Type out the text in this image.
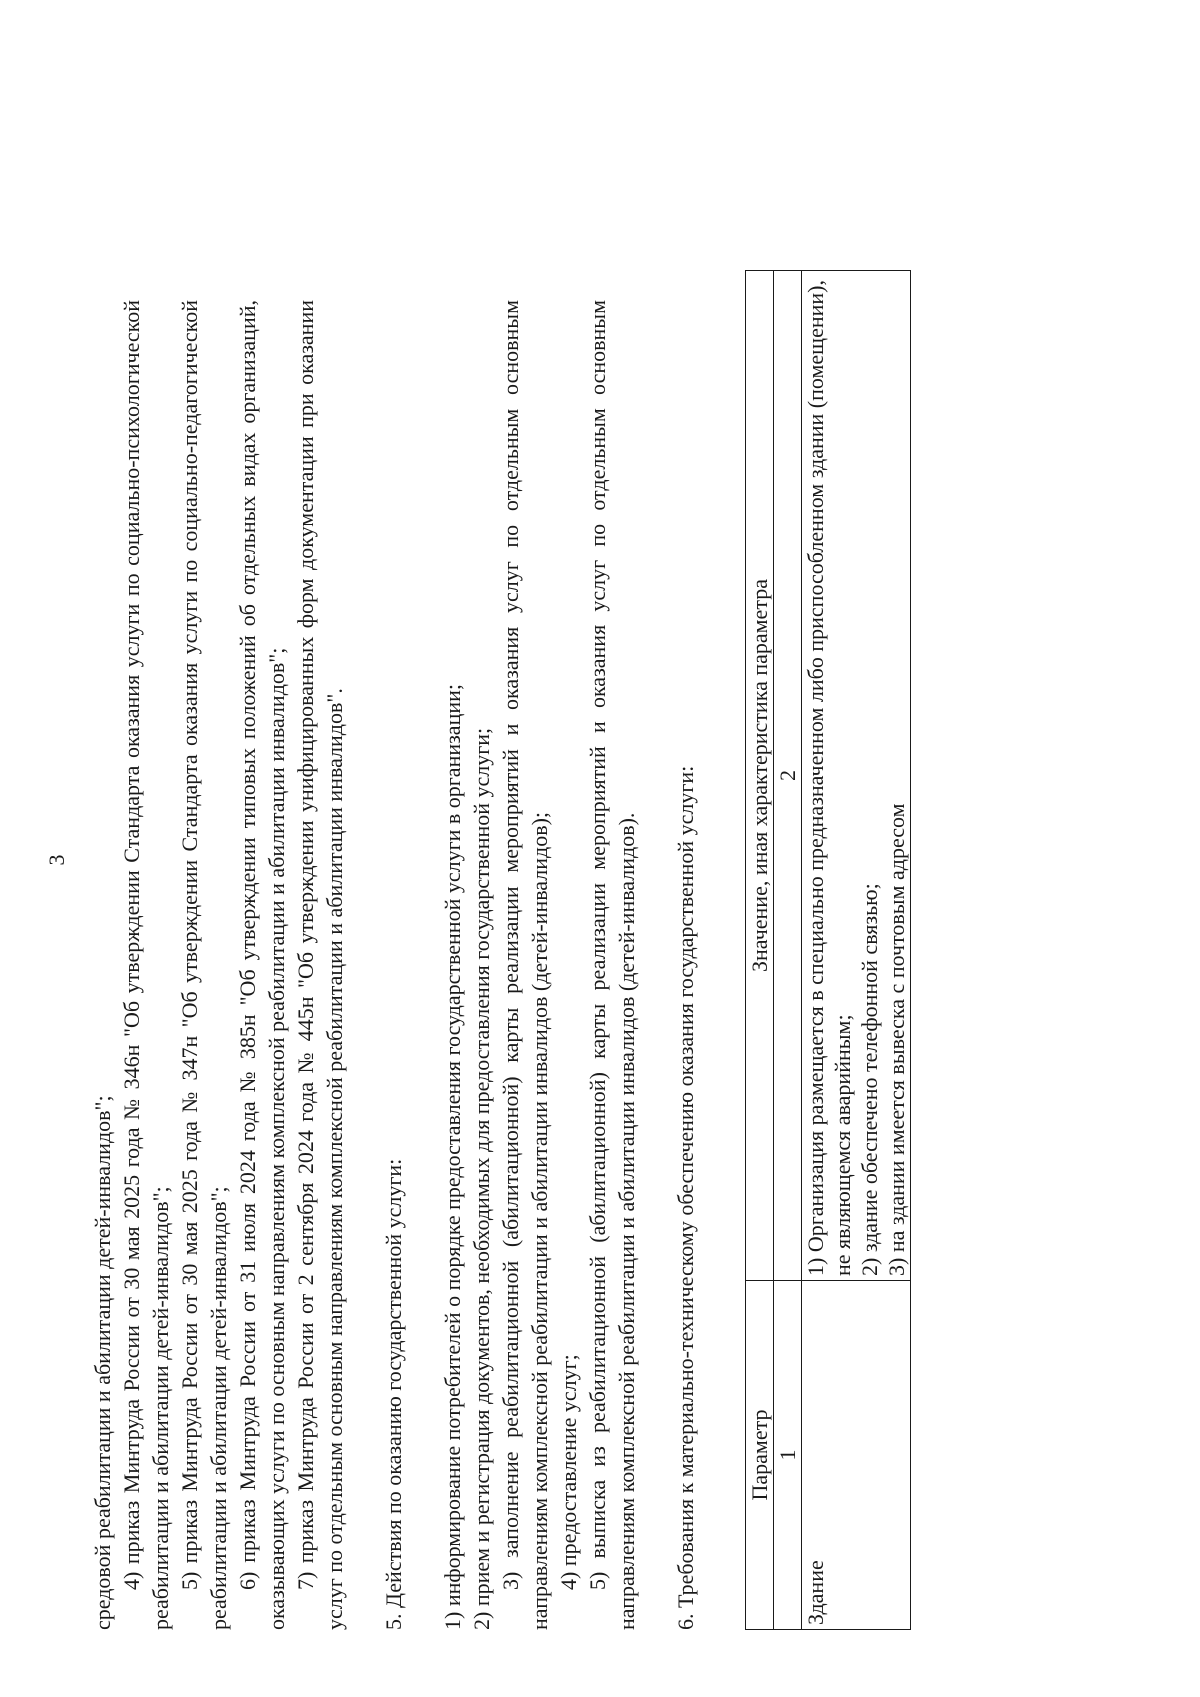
3

средовой реабилитации и абилитации детей-инвалидов"; 4) приказ Минтруда России от 30 мая 2025 года № 346н "Об утверждении Стандарта оказания услуги по социально-психологической реабилитации и абилитации детей-инвалидов"; 5) приказ Минтруда России от 30 мая 2025 года № 347н "Об утверждении Стандарта оказания услуги по социально-педагогической реабилитации и абилитации детей-инвалидов"; 6) приказ Минтруда России от 31 июля 2024 года № 385н "Об утверждении типовых положений об отдельных видах организаций, оказывающих услуги по основным направлениям комплексной реабилитации и абилитации инвалидов"; 7) приказ Минтруда России от 2 сентября 2024 года № 445н "Об утверждении унифицированных форм документации при оказании услуг по отдельным основным направлениям комплексной реабилитации и абилитации инвалидов". 5. Действия по оказанию государственной услуги: 1) информирование потребителей о порядке предоставления государственной услуги в организации; 2) прием и регистрация документов, необходимых для предоставления государственной услуги; 3) заполнение реабилитационной (абилитационной) карты реализации мероприятий и оказания услуг по отдельным основным направлениям комплексной реабилитации и абилитации инвалидов (детей-инвалидов); 4) предоставление услуг; 5) выписка из реабилитационной (абилитационной) карты реализации мероприятий и оказания услуг по отдельным основным направлениям комплексной реабилитации и абилитации инвалидов (детей-инвалидов). 6. Требования к материально-техническому обеспечению оказания государственной услуги: Параметр	Значение, иная характеристика параметра
1	2
Здание	1) Организация размещается в специально предназначенном либо приспособленном здании (помещении), не являющемся аварийным; 2) здание обеспечено телефонной связью; 3) на здании имеется вывеска с почтовым адресом
